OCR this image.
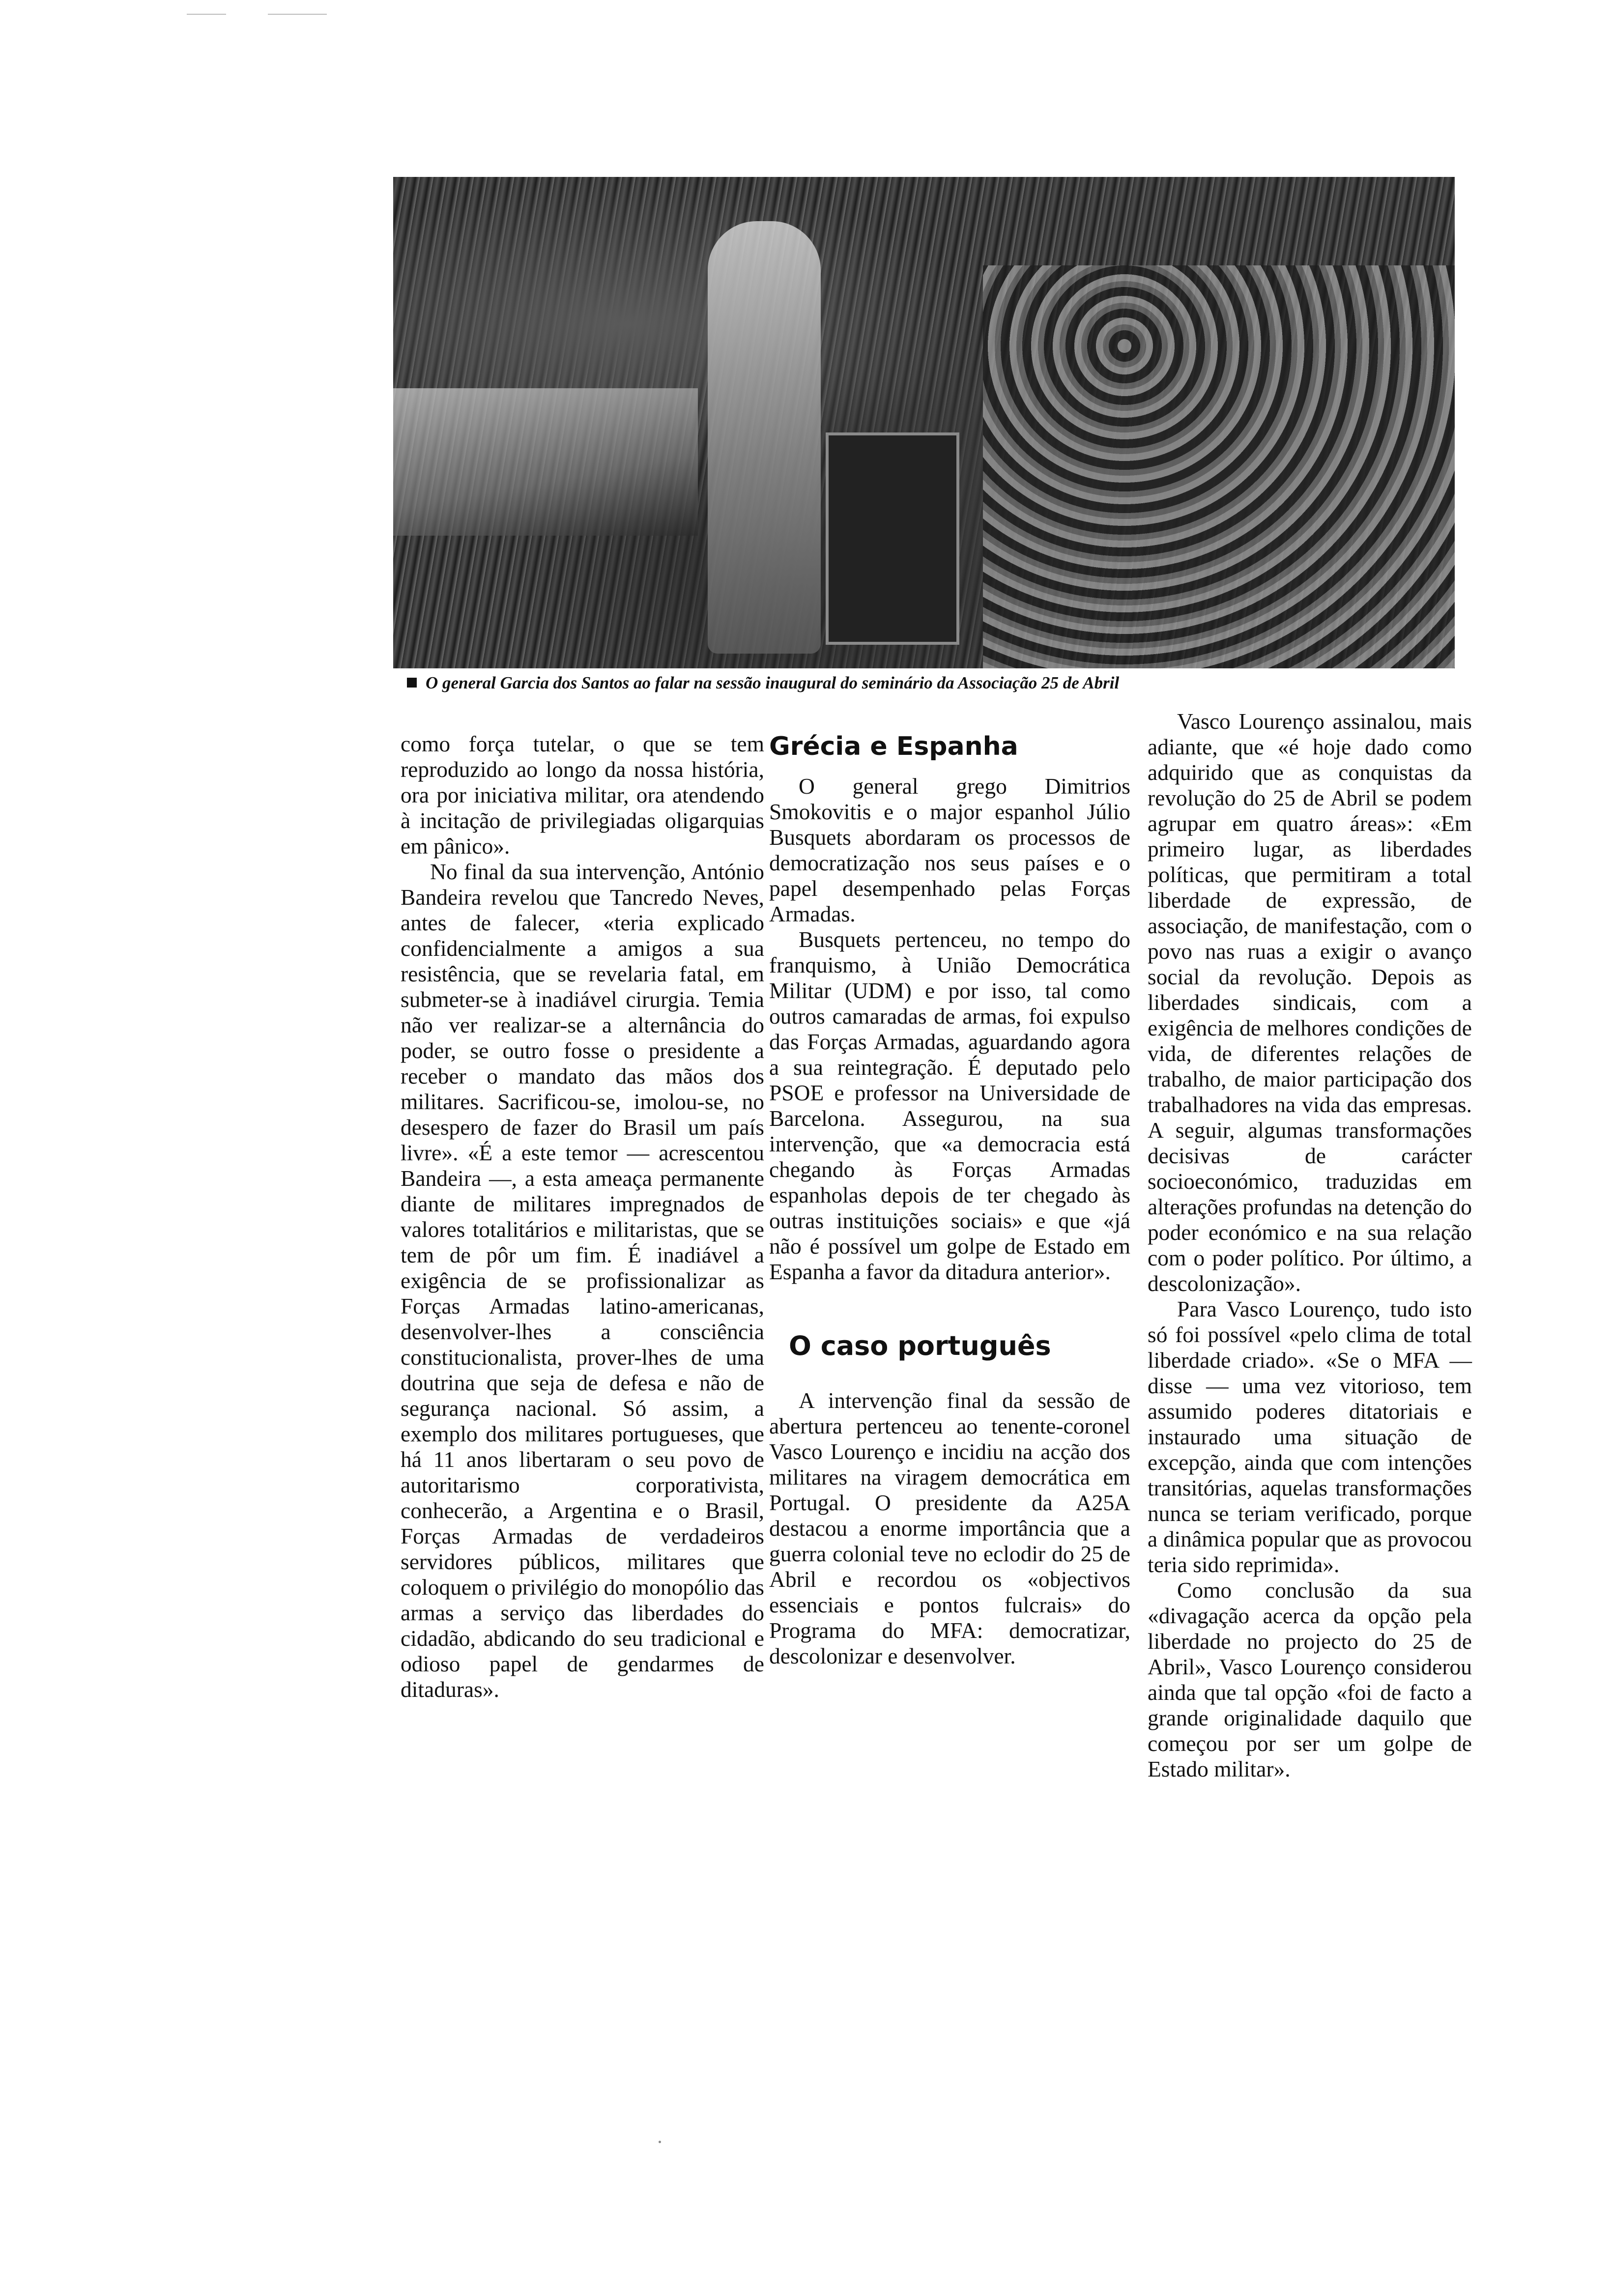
O general Garcia dos Santos ao falar na sessão inaugural do seminário da Associação 25 de Abril

como força tutelar, o que se tem reproduzido ao longo da nossa história, ora por iniciativa militar, ora atendendo à incitação de privilegiadas oligarquias em pânico».

No final da sua intervenção, António Bandeira revelou que Tancredo Neves, antes de falecer, «teria explicado confidencialmente a amigos a sua resistência, que se revelaria fatal, em submeter-se à inadiável cirurgia. Temia não ver realizar-se a alternância do poder, se outro fosse o presidente a receber o mandato das mãos dos militares. Sacrificou-se, imolou-se, no desespero de fazer do Brasil um país livre». «É a este temor — acrescentou Bandeira —, a esta ameaça permanente diante de militares impregnados de valores totalitários e militaristas, que se tem de pôr um fim. É inadiável a exigência de se profissionalizar as Forças Armadas latino-americanas, desenvolver-lhes a consciência constitucionalista, prover-lhes de uma doutrina que seja de defesa e não de segurança nacional. Só assim, a exemplo dos militares portugueses, que há 11 anos libertaram o seu povo de autoritarismo corporativista, conhecerão, a Argentina e o Brasil, Forças Armadas de verdadeiros servidores públicos, militares que coloquem o privilégio do monopólio das armas a serviço das liberdades do cidadão, abdicando do seu tradicional e odioso papel de gendarmes de ditaduras».

Grécia e Espanha

O general grego Dimitrios Smokovitis e o major espanhol Júlio Busquets abordaram os processos de democratização nos seus países e o papel desempenhado pelas Forças Armadas.

Busquets pertenceu, no tempo do franquismo, à União Democrática Militar (UDM) e por isso, tal como outros camaradas de armas, foi expulso das Forças Armadas, aguardando agora a sua reintegração. É deputado pelo PSOE e professor na Universidade de Barcelona. Assegurou, na sua intervenção, que «a democracia está chegando às Forças Armadas espanholas depois de ter chegado às outras instituições sociais» e que «já não é possível um golpe de Estado em Espanha a favor da ditadura anterior».

O caso português

A intervenção final da sessão de abertura pertenceu ao tenente-coronel Vasco Lourenço e incidiu na acção dos militares na viragem democrática em Portugal. O presidente da A25A destacou a enorme importância que a guerra colonial teve no eclodir do 25 de Abril e recordou os «objectivos essenciais e pontos fulcrais» do Programa do MFA: democratizar, descolonizar e desenvolver.

Vasco Lourenço assinalou, mais adiante, que «é hoje dado como adquirido que as conquistas da revolução do 25 de Abril se podem agrupar em quatro áreas»: «Em primeiro lugar, as liberdades políticas, que permitiram a total liberdade de expressão, de associação, de manifestação, com o povo nas ruas a exigir o avanço social da revolução. Depois as liberdades sindicais, com a exigência de melhores condições de vida, de diferentes relações de trabalho, de maior participação dos trabalhadores na vida das empresas. A seguir, algumas transformações decisivas de carácter socioeconómico, traduzidas em alterações profundas na detenção do poder económico e na sua relação com o poder político. Por último, a descolonização».

Para Vasco Lourenço, tudo isto só foi possível «pelo clima de total liberdade criado». «Se o MFA — disse — uma vez vitorioso, tem assumido poderes ditatoriais e instaurado uma situação de excepção, ainda que com intenções transitórias, aquelas transformações nunca se teriam verificado, porque a dinâmica popular que as provocou teria sido reprimida».

Como conclusão da sua «divagação acerca da opção pela liberdade no projecto do 25 de Abril», Vasco Lourenço considerou ainda que tal opção «foi de facto a grande originalidade daquilo que começou por ser um golpe de Estado militar».
